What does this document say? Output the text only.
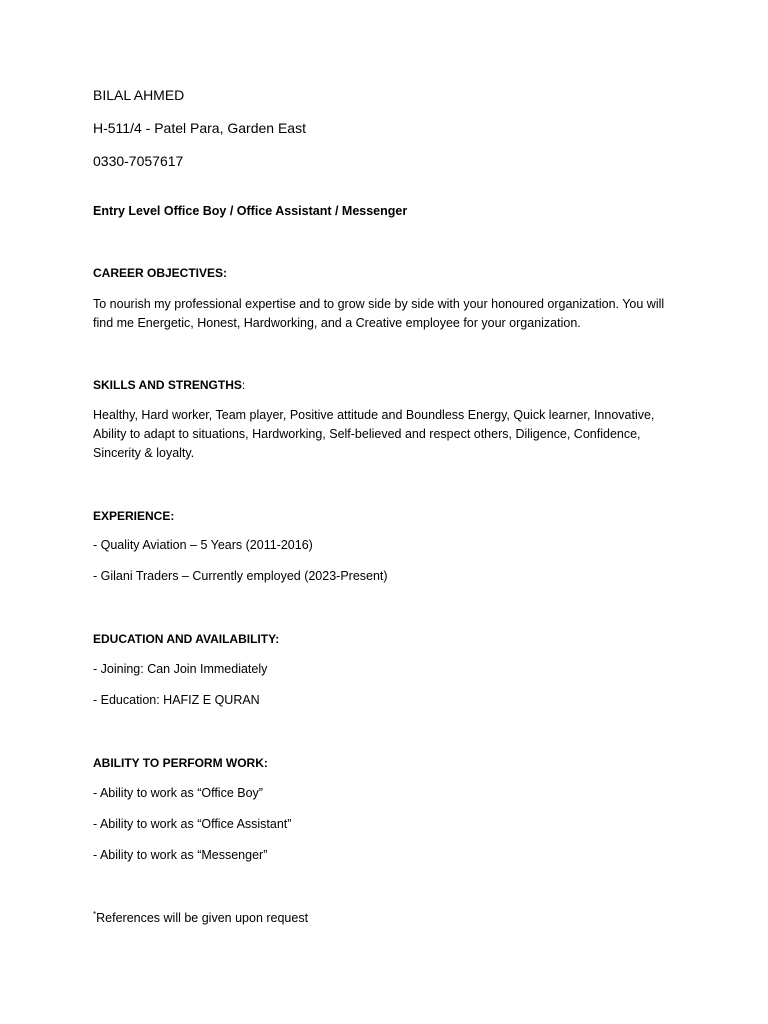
BILAL AHMED
H-511/4 - Patel Para, Garden East
0330-7057617
Entry Level Office Boy / Office Assistant / Messenger
CAREER OBJECTIVES:
To nourish my professional expertise and to grow side by side with your honoured organization. You will find me Energetic, Honest, Hardworking, and a Creative employee for your organization.
SKILLS AND STRENGTHS:
Healthy, Hard worker, Team player, Positive attitude and Boundless Energy, Quick learner, Innovative, Ability to adapt to situations, Hardworking, Self-believed and respect others, Diligence, Confidence, Sincerity & loyalty.
EXPERIENCE:
- Quality Aviation – 5 Years (2011-2016)
- Gilani Traders – Currently employed (2023-Present)
EDUCATION AND AVAILABILITY:
- Joining: Can Join Immediately
- Education: HAFIZ E QURAN
ABILITY TO PERFORM WORK:
- Ability to work as “Office Boy”
- Ability to work as “Office Assistant”
- Ability to work as “Messenger”
*References will be given upon request
